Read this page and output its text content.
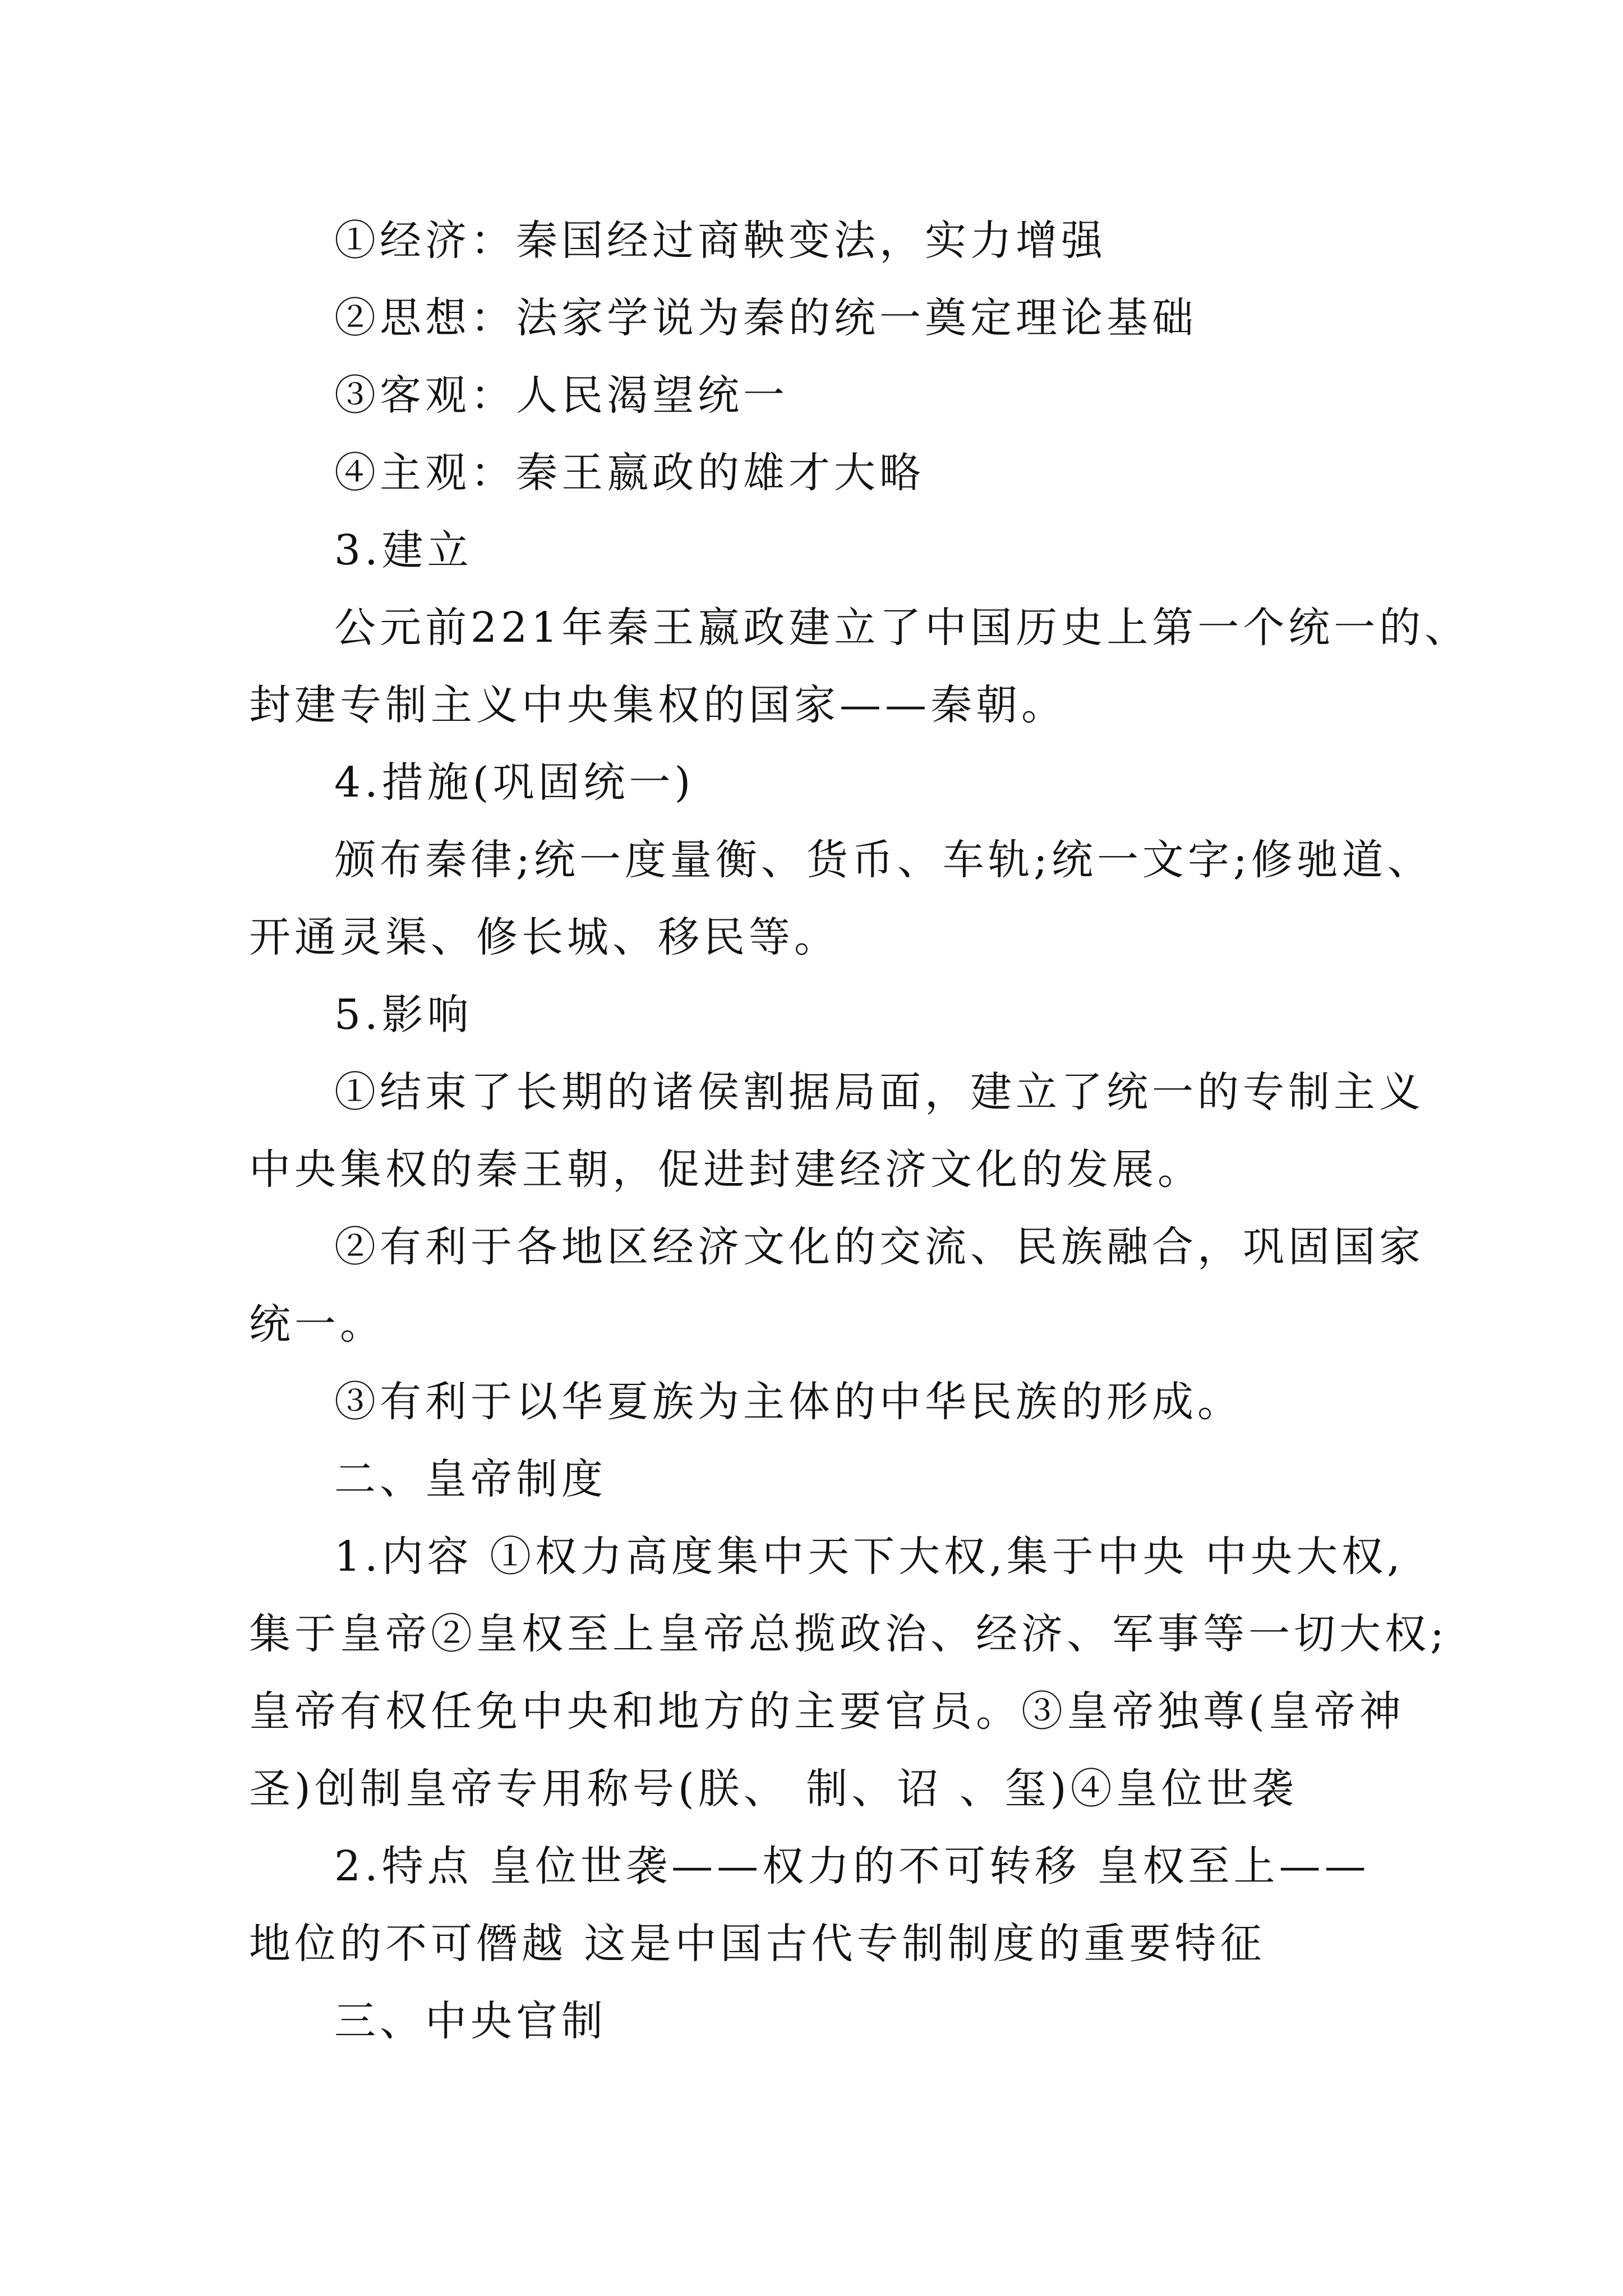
①经济：秦国经过商鞅变法，实力增强
②思想：法家学说为秦的统一奠定理论基础
③客观：人民渴望统一
④主观：秦王嬴政的雄才大略
3.建立
公元前221年秦王嬴政建立了中国历史上第一个统一的、
封建专制主义中央集权的国家——秦朝。
4.措施(巩固统一)
颁布秦律;统一度量衡、货币、车轨;统一文字;修驰道、
开通灵渠、修长城、移民等。
5.影响
①结束了长期的诸侯割据局面，建立了统一的专制主义
中央集权的秦王朝，促进封建经济文化的发展。
②有利于各地区经济文化的交流、民族融合，巩固国家
统一。
③有利于以华夏族为主体的中华民族的形成。
二、皇帝制度
1.内容 ①权力高度集中天下大权,集于中央 中央大权,
集于皇帝②皇权至上皇帝总揽政治、经济、军事等一切大权;
皇帝有权任免中央和地方的主要官员。③皇帝独尊(皇帝神
圣)创制皇帝专用称号(朕、 制、诏 、玺)④皇位世袭
2.特点 皇位世袭——权力的不可转移 皇权至上——
地位的不可僭越 这是中国古代专制制度的重要特征
三、中央官制
